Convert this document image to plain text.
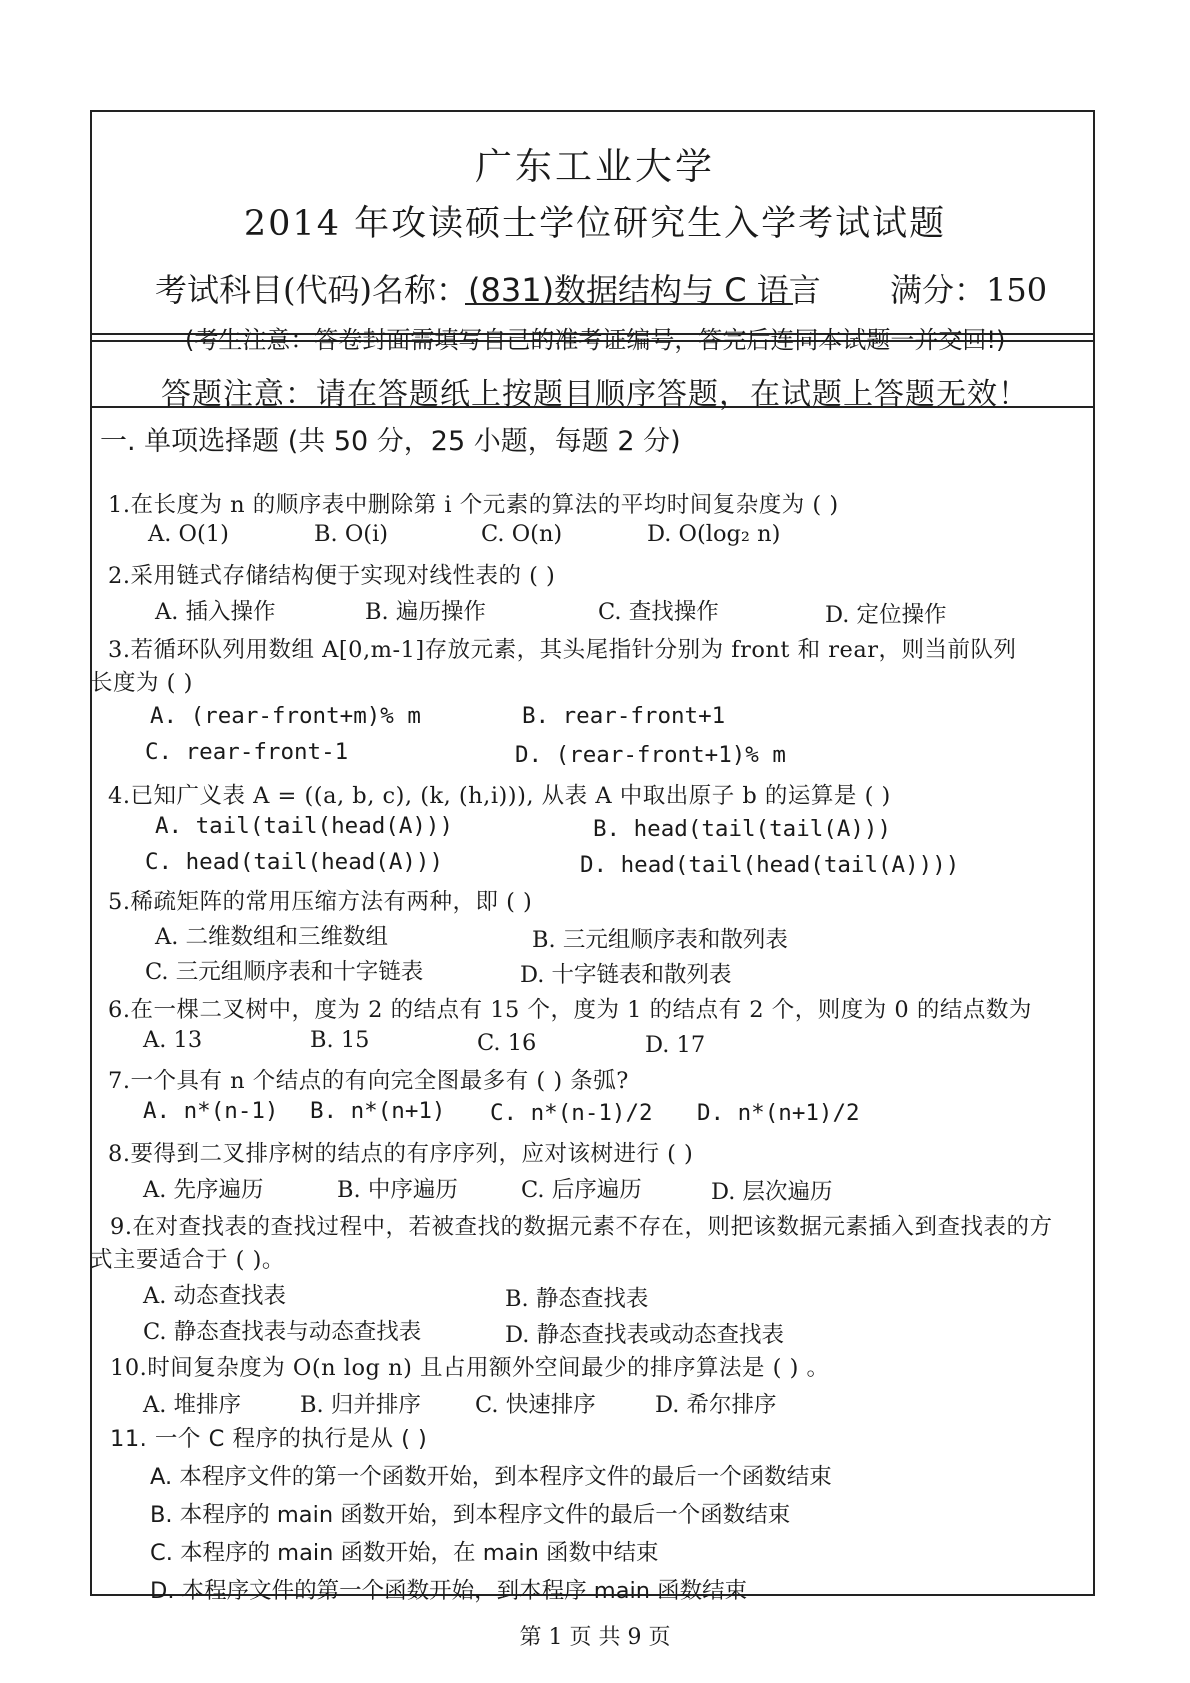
广东工业大学
2014 年攻读硕士学位研究生入学考试试题
考试科目(代码)名称： (831)数据结构与 C 语言 满分：150
(考生注意：答卷封面需填写自己的准考证编号，答完后连同本试题一并交回!)
答题注意：请在答题纸上按题目顺序答题，在试题上答题无效！
一. 单项选择题 (共 50 分，25 小题，每题 2 分)
1.在长度为 n 的顺序表中删除第 i 个元素的算法的平均时间复杂度为 ( )
A. O(1)	B. O(i)	C. O(n)	D. O(log₂ n)
2.采用链式存储结构便于实现对线性表的 ( )
A. 插入操作	B. 遍历操作	C. 查找操作	D. 定位操作
3.若循环队列用数组 A[0,m-1]存放元素，其头尾指针分别为 front 和 rear，则当前队列
长度为 ( )
A. (rear-front+m)% m	B. rear-front+1
C. rear-front-1	D. (rear-front+1)% m
4.已知广义表 A = ((a, b, c), (k, (h,i))), 从表 A 中取出原子 b 的运算是 ( )
A. tail(tail(head(A)))	B. head(tail(tail(A)))
C. head(tail(head(A)))	D. head(tail(head(tail(A))))
5.稀疏矩阵的常用压缩方法有两种，即 ( )
A. 二维数组和三维数组	B. 三元组顺序表和散列表
C. 三元组顺序表和十字链表	D. 十字链表和散列表
6.在一棵二叉树中，度为 2 的结点有 15 个，度为 1 的结点有 2 个，则度为 0 的结点数为
A. 13	B. 15	C. 16	D. 17
7.一个具有 n 个结点的有向完全图最多有 ( ) 条弧?
A. n*(n-1) B. n*(n+1) C. n*(n-1)/2 D. n*(n+1)/2
8.要得到二叉排序树的结点的有序序列，应对该树进行 ( )
A. 先序遍历	B. 中序遍历	C. 后序遍历	D. 层次遍历
9.在对查找表的查找过程中，若被查找的数据元素不存在，则把该数据元素插入到查找表的方
式主要适合于 ( )。
A. 动态查找表	B. 静态查找表
C. 静态查找表与动态查找表	D. 静态查找表或动态查找表
10.时间复杂度为 O(n log n) 且占用额外空间最少的排序算法是 ( ) 。
A. 堆排序	B. 归并排序 C. 快速排序	D. 希尔排序
11. 一个 C 程序的执行是从 ( )
A. 本程序文件的第一个函数开始，到本程序文件的最后一个函数结束
B. 本程序的 main 函数开始，到本程序文件的最后一个函数结束
C. 本程序的 main 函数开始，在 main 函数中结束
D. 本程序文件的第一个函数开始，到本程序 main 函数结束
第 1 页 共 9 页
